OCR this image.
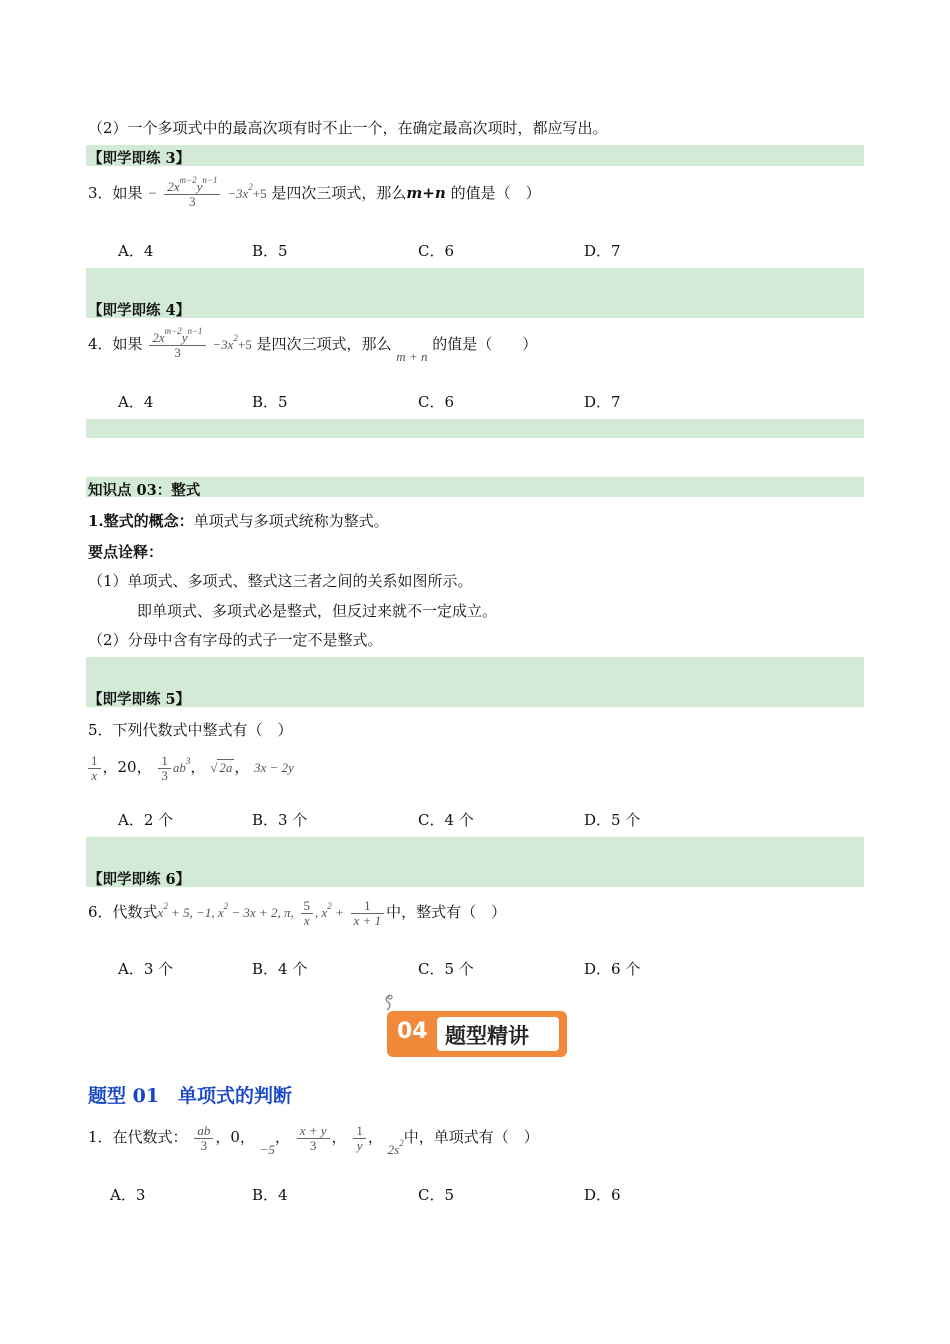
（2）一个多项式中的最高次项有时不止一个，在确定最高次项时，都应写出。
【即学即练 3】
3．如果 − $\frac{2x^{m-2}y^{n-1}}{3} -3x^2+5$ 是四次三项式，那么m+n 的值是（　）
A．4	B．5	C．6	D．7
【即学即练 4】
4．如果 $\frac{2x^{m-2}y^{n-1}}{3} -3x^2+5$ 是四次三项式，那么 m + n 的值是（　　）
A．4	B．5	C．6	D．7
知识点 03：整式
1.整式的概念：单项式与多项式统称为整式。
要点诠释：
（1）单项式、多项式、整式这三者之间的关系如图所示。
即单项式、多项式必是整式，但反过来就不一定成立。
（2）分母中含有字母的式子一定不是整式。
【即学即练 5】
5．下列代数式中整式有（　）
$\frac{1}{x}$ ，20， $\frac{1}{3} ab^3$， √ 2a ， 3x − 2y
A．2 个	B．3 个	C．4 个	D．5 个
【即学即练 6】
6．代数式$x^2 + 5$, −1, $x^2 - 3x + 2$, π, $\frac{5}{x}$ , $x^2 + \frac{1}{x + 1}$ 中，整式有（　）
A．3 个	B．4 个	C．5 个	D．6 个
04 题型精讲
题型 01　单项式的判断
1．在代数式： $\frac{ab}{3}$ ，0， −5， $\frac{x + y}{3}$ ， $\frac{1}{y}$ ， $2s^2$中，单项式有（　）
A．3	B．4	C．5	D．6
